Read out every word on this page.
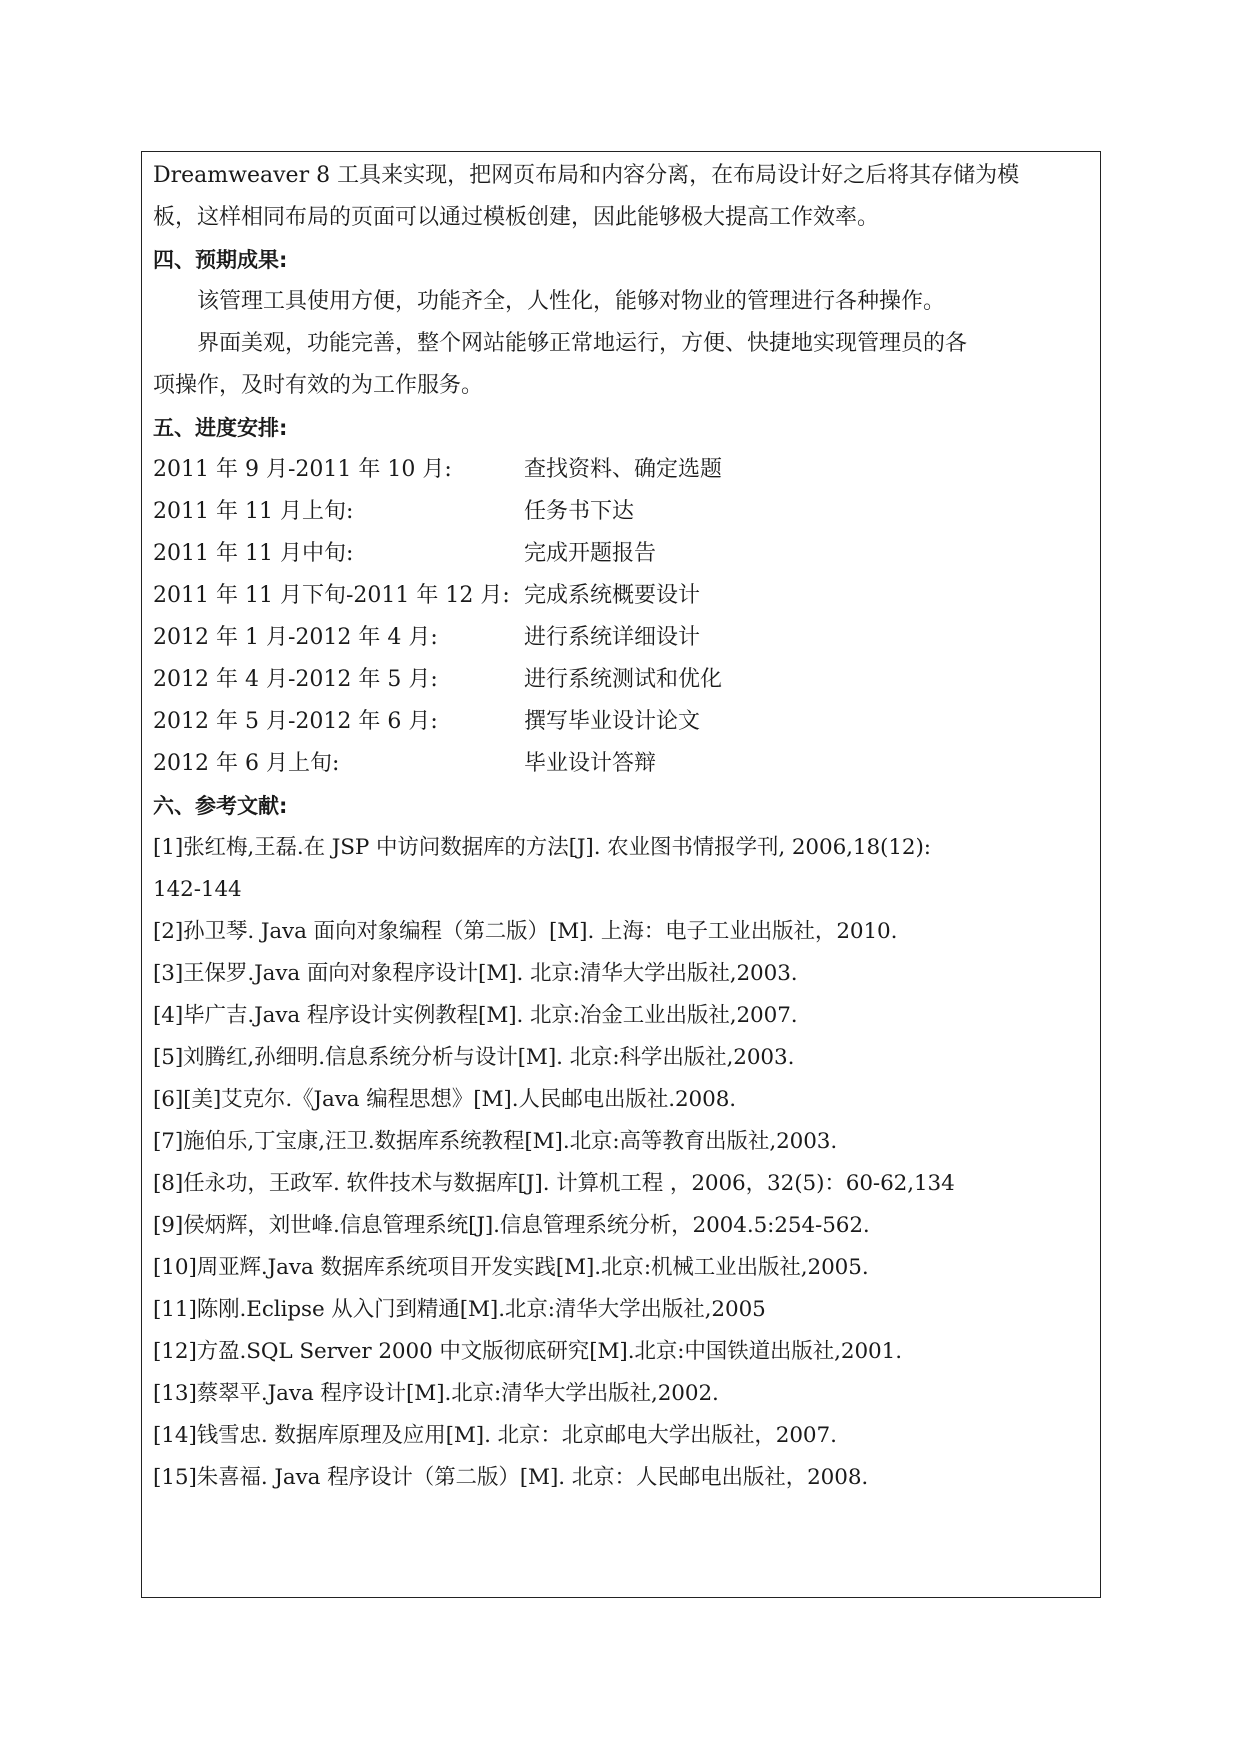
Dreamweaver 8 工具来实现，把网页布局和内容分离，在布局设计好之后将其存储为模
板，这样相同布局的页面可以通过模板创建，因此能够极大提高工作效率。
四、预期成果:
该管理工具使用方便，功能齐全，人性化，能够对物业的管理进行各种操作。
界面美观，功能完善，整个网站能够正常地运行，方便、快捷地实现管理员的各
项操作，及时有效的为工作服务。
五、进度安排:
2011 年 9 月-2011 年 10 月:	查找资料、确定选题
2011 年 11 月上旬:	任务书下达
2011 年 11 月中旬:	完成开题报告
2011 年 11 月下旬-2011 年 12 月: 完成系统概要设计
2012 年 1 月-2012 年 4 月:	进行系统详细设计
2012 年 4 月-2012 年 5 月:	进行系统测试和优化
2012 年 5 月-2012 年 6 月:	撰写毕业设计论文
2012 年 6 月上旬:	毕业设计答辩
六、参考文献:
[1]张红梅,王磊.在 JSP 中访问数据库的方法[J]. 农业图书情报学刊, 2006,18(12):
142-144
[2]孙卫琴. Java 面向对象编程（第二版）[M]. 上海：电子工业出版社，2010.
[3]王保罗.Java 面向对象程序设计[M]. 北京:清华大学出版社,2003.
[4]毕广吉.Java 程序设计实例教程[M]. 北京:冶金工业出版社,2007.
[5]刘腾红,孙细明.信息系统分析与设计[M]. 北京:科学出版社,2003.
[6][美]艾克尔.《Java 编程思想》[M].人民邮电出版社.2008.
[7]施伯乐,丁宝康,汪卫.数据库系统教程[M].北京:高等教育出版社,2003.
[8]任永功，王政军. 软件技术与数据库[J]. 计算机工程 ，2006，32(5)：60-62,134
[9]侯炳辉，刘世峰.信息管理系统[J].信息管理系统分析，2004.5:254-562.
[10]周亚辉.Java 数据库系统项目开发实践[M].北京:机械工业出版社,2005.
[11]陈刚.Eclipse 从入门到精通[M].北京:清华大学出版社,2005
[12]方盈.SQL Server 2000 中文版彻底研究[M].北京:中国铁道出版社,2001.
[13]蔡翠平.Java 程序设计[M].北京:清华大学出版社,2002.
[14]钱雪忠. 数据库原理及应用[M]. 北京：北京邮电大学出版社，2007.
[15]朱喜福. Java 程序设计（第二版）[M]. 北京：人民邮电出版社，2008.
